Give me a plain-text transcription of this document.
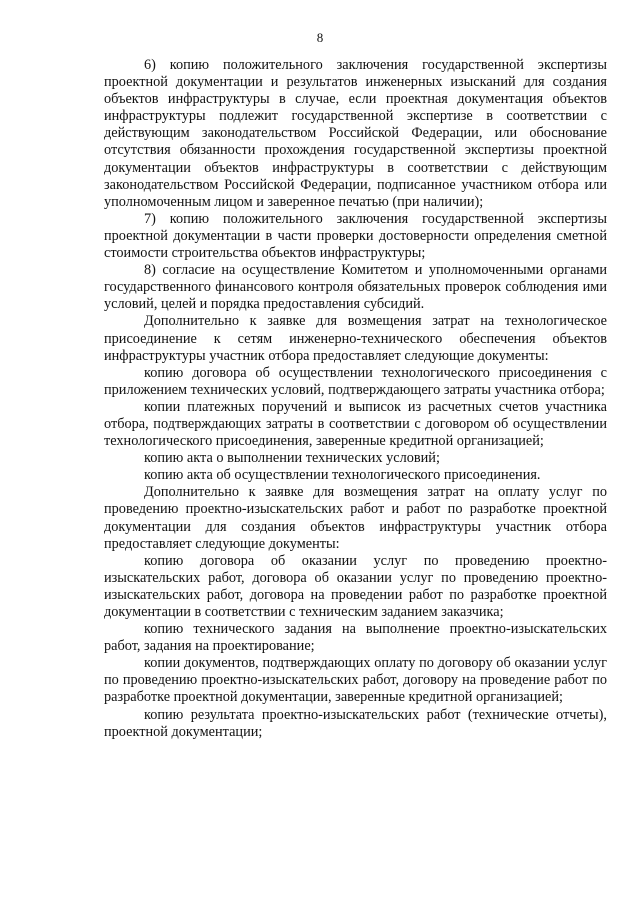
8

6) копию положительного заключения государственной экспертизы проектной документации и результатов инженерных изысканий для создания объектов инфраструктуры в случае, если проектная документация объектов инфраструктуры подлежит государственной экспертизе в соответствии с действующим законодательством Российской Федерации, или обоснование отсутствия обязанности прохождения государственной экспертизы проектной документации объектов инфраструктуры в соответствии с действующим законодательством Российской Федерации, подписанное участником отбора или уполномоченным лицом и заверенное печатью (при наличии);

7) копию положительного заключения государственной экспертизы проектной документации в части проверки достоверности определения сметной стоимости строительства объектов инфраструктуры;

8) согласие на осуществление Комитетом и уполномоченными органами государственного финансового контроля обязательных проверок соблюдения ими условий, целей и порядка предоставления субсидий.

Дополнительно к заявке для возмещения затрат на технологическое присоединение к сетям инженерно-технического обеспечения объектов инфраструктуры участник отбора предоставляет следующие документы:

копию договора об осуществлении технологического присоединения с приложением технических условий, подтверждающего затраты участника отбора;

копии платежных поручений и выписок из расчетных счетов участника отбора, подтверждающих затраты в соответствии с договором об осуществлении технологического присоединения, заверенные кредитной организацией;

копию акта о выполнении технических условий;

копию акта об осуществлении технологического присоединения.

Дополнительно к заявке для возмещения затрат на оплату услуг по проведению проектно-изыскательских работ и работ по разработке проектной документации для создания объектов инфраструктуры участник отбора предоставляет следующие документы:

копию договора об оказании услуг по проведению проектно-изыскательских работ, договора об оказании услуг по проведению проектно-изыскательских работ, договора на проведении работ по разработке проектной документации в соответствии с техническим заданием заказчика;

копию технического задания на выполнение проектно-изыскательских работ, задания на проектирование;

копии документов, подтверждающих оплату по договору об оказании услуг по проведению проектно-изыскательских работ, договору на проведение работ по разработке проектной документации, заверенные кредитной организацией;

копию результата проектно-изыскательских работ (технические отчеты), проектной документации;
